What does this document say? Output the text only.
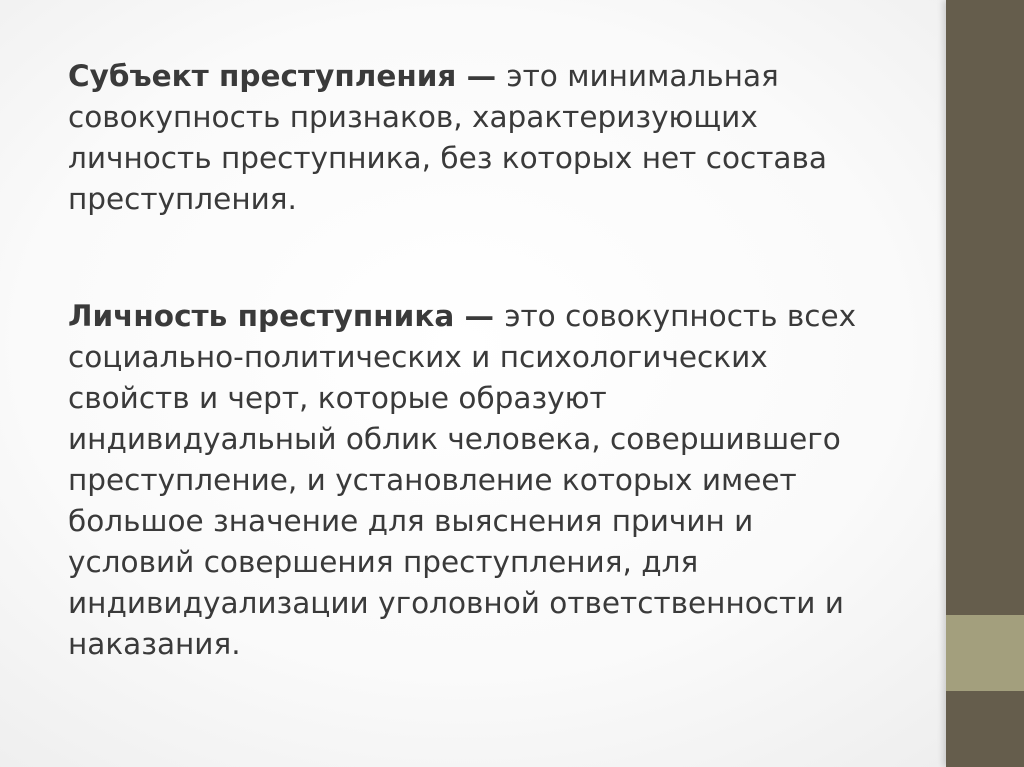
Субъект преступления — это минимальная
совокупность признаков, характеризующих
личность преступника, без которых нет состава
преступления.

Личность преступника — это совокупность всех
социально-политических и психологических
свойств и черт, которые образуют
индивидуальный облик человека, совершившего
преступление, и установление которых имеет
большое значение для выяснения причин и
условий совершения преступления, для
индивидуализации уголовной ответственности и
наказания.
